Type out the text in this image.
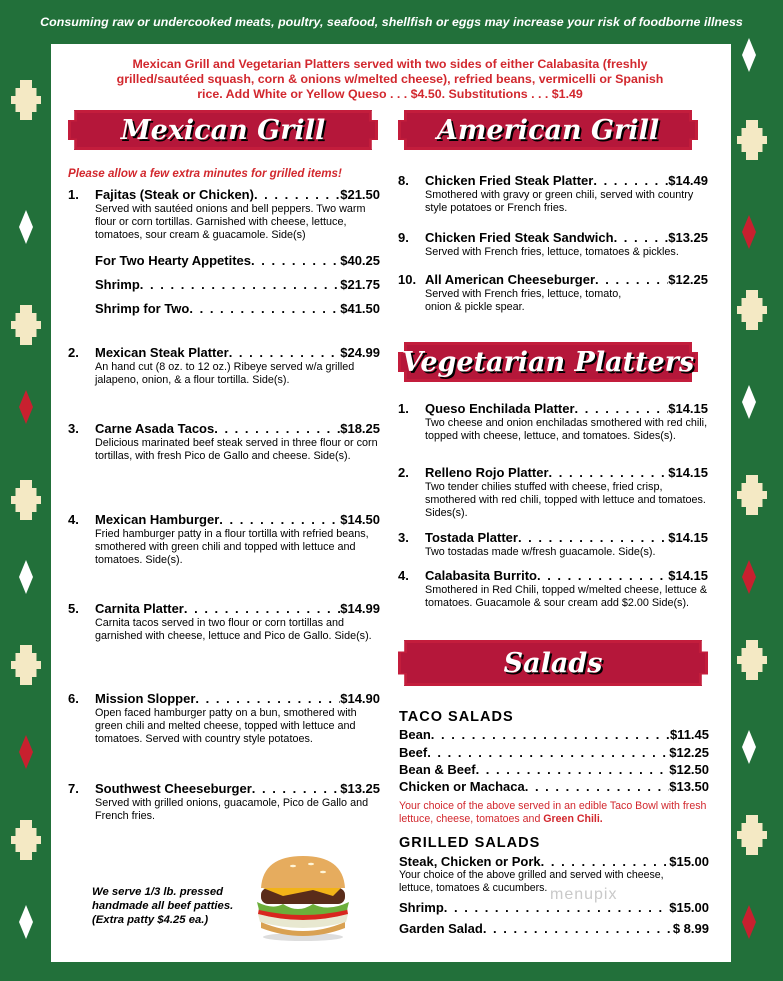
Consuming raw or undercooked meats, poultry, seafood, shellfish or eggs may increase your risk of foodborne illness
Mexican Grill and Vegetarian Platters served with two sides of either Calabasita (freshly grilled/sautéed squash, corn & onions w/melted cheese), refried beans, vermicelli or Spanish rice. Add White or Yellow Queso . . . $4.50. Substitutions . . . $1.49
Mexican Grill
Please allow a few extra minutes for grilled items!
1.	Fajitas (Steak or Chicken) . . .	$21.50
Served with sautéed onions and bell peppers. Two warm flour or corn tortillas. Garnished with cheese, lettuce, tomatoes, sour cream & guacamole. Side(s)
For Two Hearty Appetites . . .	$40.25
Shrimp . . .	$21.75
Shrimp for Two . . .	$41.50
2.	Mexican Steak Platter . . .	$24.99
An hand cut (8 oz. to 12 oz.) Ribeye served w/a grilled jalapeno, onion, & a flour tortilla. Side(s).
3.	Carne Asada Tacos . . .	$18.25
Delicious marinated beef steak served in three flour or corn tortillas, with fresh Pico de Gallo and cheese. Side(s).
4.	Mexican Hamburger . . .	$14.50
Fried hamburger patty in a flour tortilla with refried beans, smothered with green chili and topped with lettuce and tomatoes. Side(s).
5.	Carnita Platter . . .	$14.99
Carnita tacos served in two flour or corn tortillas and garnished with cheese, lettuce and Pico de Gallo. Side(s).
6.	Mission Slopper . . .	$14.90
Open faced hamburger patty on a bun, smothered with green chili and melted cheese, topped with lettuce and tomatoes. Served with country style potatoes.
7.	Southwest Cheeseburger . . .	$13.25
Served with grilled onions, guacamole, Pico de Gallo and French fries.
We serve 1/3 lb. pressed handmade all beef patties. (Extra patty $4.25 ea.)
American Grill
8.	Chicken Fried Steak Platter . . .	$14.49
Smothered with gravy or green chili, served with country style potatoes or French fries.
9.	Chicken Fried Steak Sandwich . . .	$13.25
Served with French fries, lettuce, tomatoes & pickles.
10. All American Cheeseburger . . .	$12.25
Served with French fries, lettuce, tomato, onion & pickle spear.
Vegetarian Platters
1.	Queso Enchilada Platter . . .	$14.15
Two cheese and onion enchiladas smothered with red chili, topped with cheese, lettuce, and tomatoes. Sides(s).
2.	Relleno Rojo Platter . . .	$14.15
Two tender chilies stuffed with cheese, fried crisp, smothered with red chili, topped with lettuce and tomatoes. Sides(s).
3.	Tostada Platter . . .	$14.15
Two tostadas made w/fresh guacamole. Side(s).
4.	Calabasita Burrito . . .	$14.15
Smothered in Red Chili, topped w/melted cheese, lettuce & tomatoes. Guacamole & sour cream add $2.00 Side(s).
Salads
TACO SALADS
Bean . . .	$11.45
Beef . . .	$12.25
Bean & Beef . . .	$12.50
Chicken or Machaca . . .	$13.50
Your choice of the above served in an edible Taco Bowl with fresh lettuce, cheese, tomatoes and Green Chili.
GRILLED SALADS
Steak, Chicken or Pork . . .	$15.00
Your choice of the above grilled and served with cheese, lettuce, tomatoes & cucumbers.
Shrimp . . .	$15.00
Garden Salad . . .	$ 8.99
menupix
